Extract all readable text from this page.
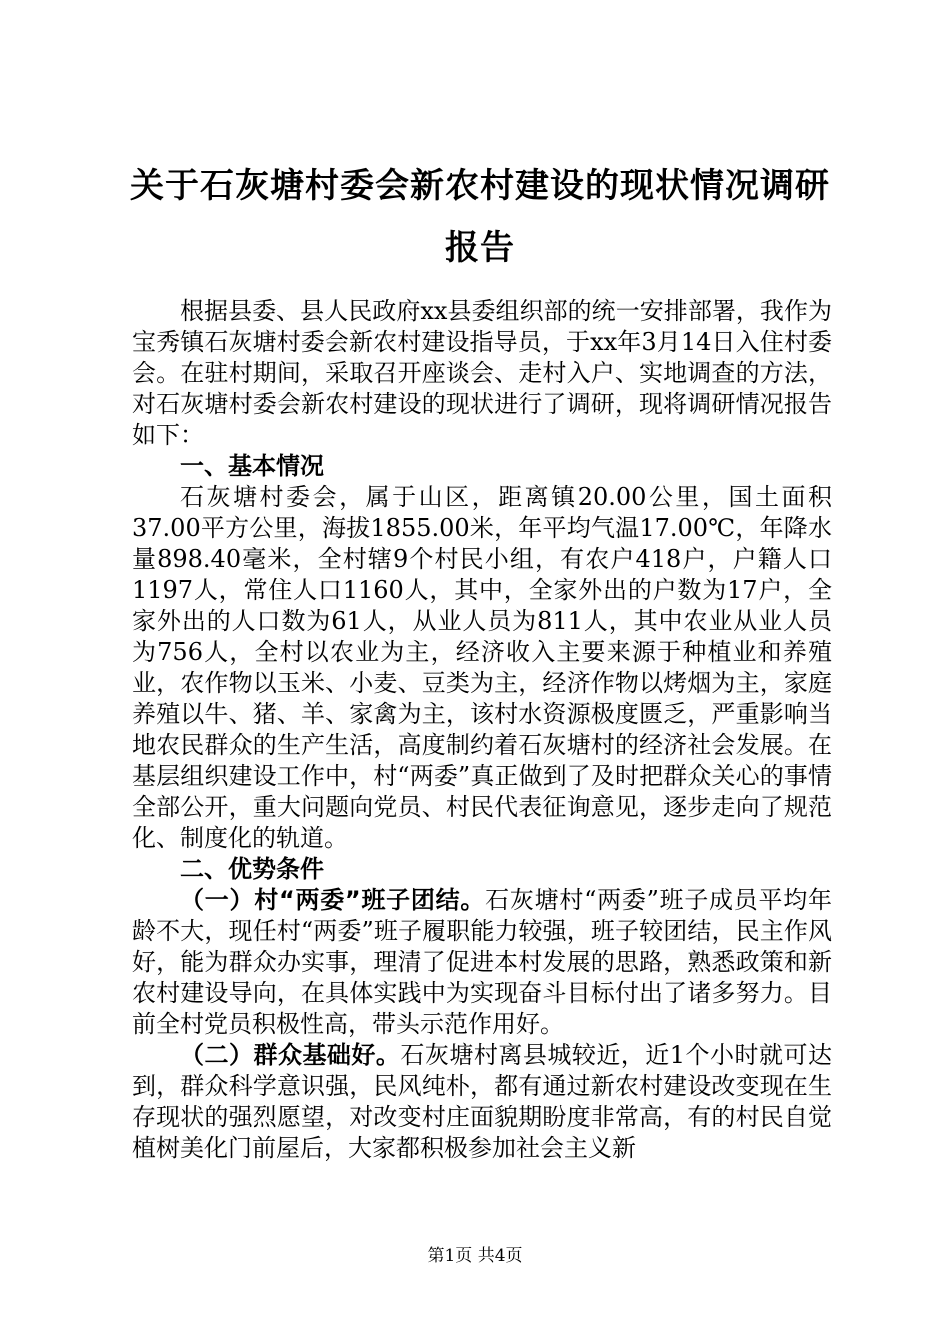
关于石灰塘村委会新农村建设的现状情况调研
报告

根据县委、县人民政府xx县委组织部的统一安排部署，我作为宝秀镇石灰塘村委会新农村建设指导员，于xx年3月14日入住村委会。在驻村期间，采取召开座谈会、走村入户、实地调查的方法，对石灰塘村委会新农村建设的现状进行了调研，现将调研情况报告如下：

一、基本情况

石灰塘村委会，属于山区，距离镇20.00公里，国土面积37.00平方公里，海拔1855.00米，年平均气温17.00℃，年降水量898.40毫米，全村辖9个村民小组，有农户418户，户籍人口1197人，常住人口1160人，其中，全家外出的户数为17户，全家外出的人口数为61人，从业人员为811人，其中农业从业人员为756人，全村以农业为主，经济收入主要来源于种植业和养殖业，农作物以玉米、小麦、豆类为主，经济作物以烤烟为主，家庭养殖以牛、猪、羊、家禽为主，该村水资源极度匮乏，严重影响当地农民群众的生产生活，高度制约着石灰塘村的经济社会发展。在基层组织建设工作中，村“两委”真正做到了及时把群众关心的事情全部公开，重大问题向党员、村民代表征询意见，逐步走向了规范化、制度化的轨道。

二、优势条件

（一）村“两委”班子团结。石灰塘村“两委”班子成员平均年龄不大，现任村“两委”班子履职能力较强，班子较团结，民主作风好，能为群众办实事，理清了促进本村发展的思路，熟悉政策和新农村建设导向，在具体实践中为实现奋斗目标付出了诸多努力。目前全村党员积极性高，带头示范作用好。

（二）群众基础好。石灰塘村离县城较近，近1个小时就可达到，群众科学意识强，民风纯朴，都有通过新农村建设改变现在生存现状的强烈愿望，对改变村庄面貌期盼度非常高，有的村民自觉植树美化门前屋后，大家都积极参加社会主义新

第1页 共4页
